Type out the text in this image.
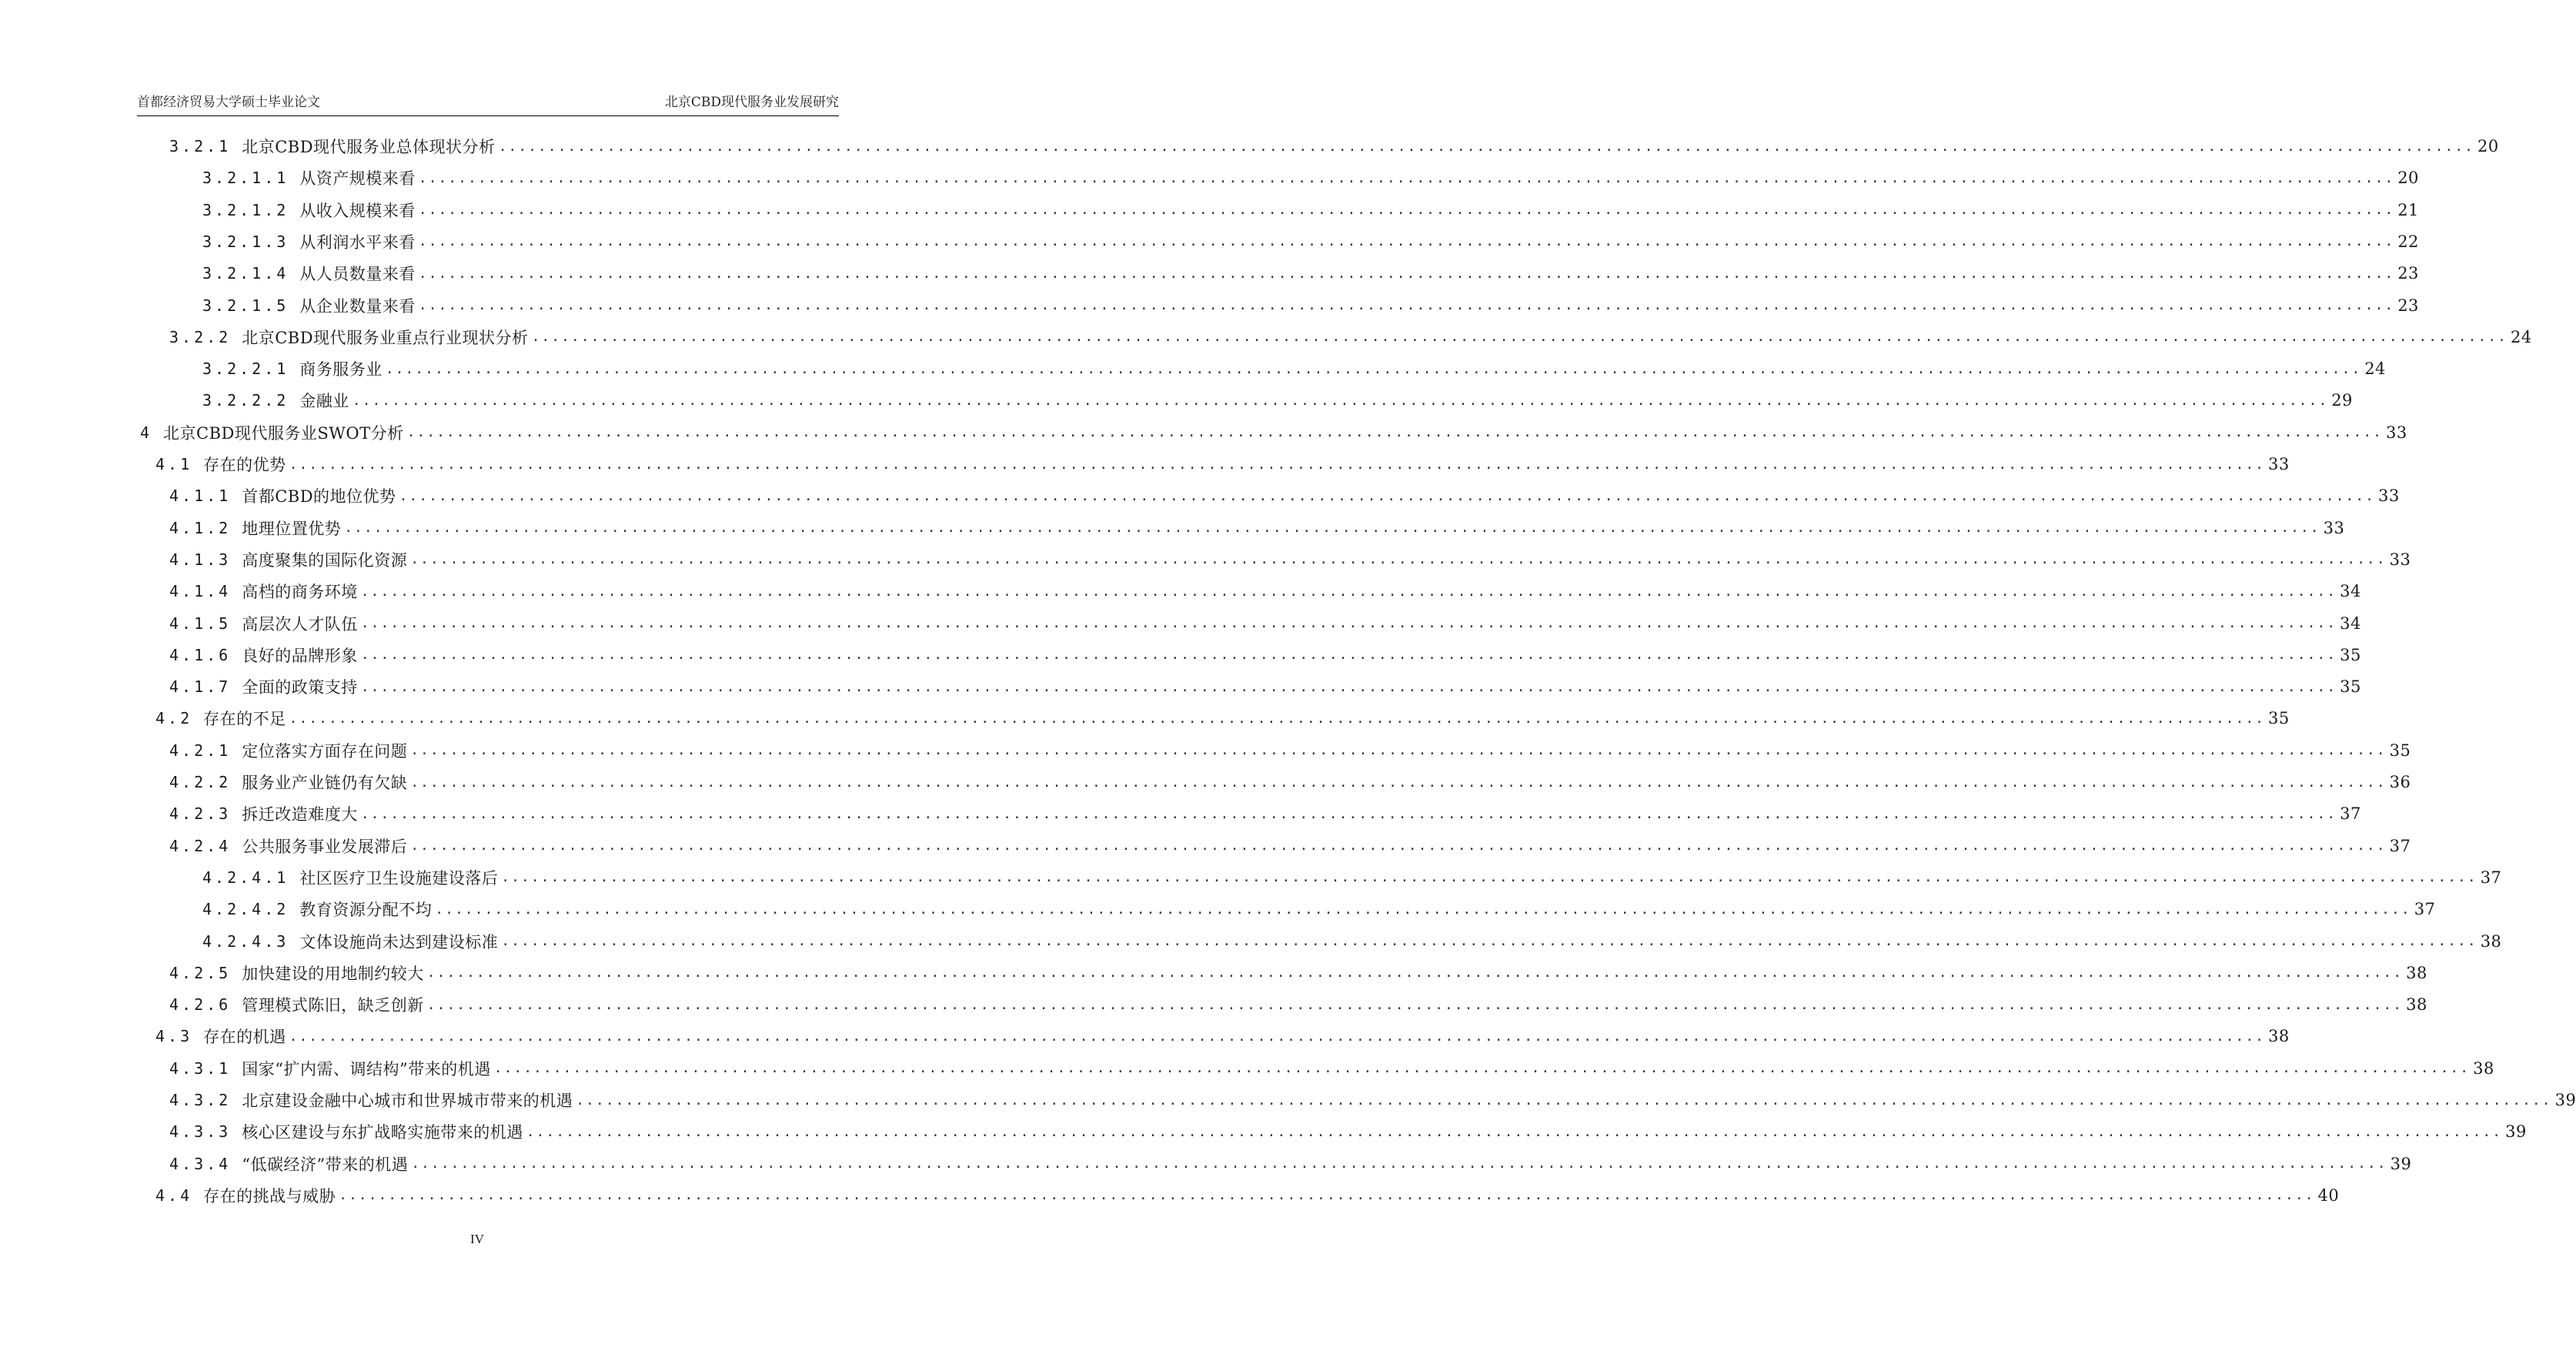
首都经济贸易大学硕士毕业论文	北京CBD现代服务业发展研究
3.2.1 北京CBD现代服务业总体现状分析 ........................................................................................................................................................................................................ 20
3.2.1.1 从资产规模来看 ........................................................................................................................................................................................................ 20
3.2.1.2 从收入规模来看 ........................................................................................................................................................................................................ 21
3.2.1.3 从利润水平来看 ........................................................................................................................................................................................................ 22
3.2.1.4 从人员数量来看 ........................................................................................................................................................................................................ 23
3.2.1.5 从企业数量来看 ........................................................................................................................................................................................................ 23
3.2.2 北京CBD现代服务业重点行业现状分析 ........................................................................................................................................................................................................ 24
3.2.2.1 商务服务业 ........................................................................................................................................................................................................ 24
3.2.2.2 金融业 ........................................................................................................................................................................................................ 29
4 北京CBD现代服务业SWOT分析 ........................................................................................................................................................................................................ 33
4.1 存在的优势 ........................................................................................................................................................................................................ 33
4.1.1 首都CBD的地位优势 ........................................................................................................................................................................................................ 33
4.1.2 地理位置优势 ........................................................................................................................................................................................................ 33
4.1.3 高度聚集的国际化资源 ........................................................................................................................................................................................................ 33
4.1.4 高档的商务环境 ........................................................................................................................................................................................................ 34
4.1.5 高层次人才队伍 ........................................................................................................................................................................................................ 34
4.1.6 良好的品牌形象 ........................................................................................................................................................................................................ 35
4.1.7 全面的政策支持 ........................................................................................................................................................................................................ 35
4.2 存在的不足 ........................................................................................................................................................................................................ 35
4.2.1 定位落实方面存在问题 ........................................................................................................................................................................................................ 35
4.2.2 服务业产业链仍有欠缺 ........................................................................................................................................................................................................ 36
4.2.3 拆迁改造难度大 ........................................................................................................................................................................................................ 37
4.2.4 公共服务事业发展滞后 ........................................................................................................................................................................................................ 37
4.2.4.1 社区医疗卫生设施建设落后 ........................................................................................................................................................................................................ 37
4.2.4.2 教育资源分配不均 ........................................................................................................................................................................................................ 37
4.2.4.3 文体设施尚未达到建设标准 ........................................................................................................................................................................................................ 38
4.2.5 加快建设的用地制约较大 ........................................................................................................................................................................................................ 38
4.2.6 管理模式陈旧，缺乏创新 ........................................................................................................................................................................................................ 38
4.3 存在的机遇 ........................................................................................................................................................................................................ 38
4.3.1 国家“扩内需、调结构”带来的机遇 ........................................................................................................................................................................................................ 38
4.3.2 北京建设金融中心城市和世界城市带来的机遇 ........................................................................................................................................................................................................ 39
4.3.3 核心区建设与东扩战略实施带来的机遇 ........................................................................................................................................................................................................ 39
4.3.4 “低碳经济”带来的机遇 ........................................................................................................................................................................................................ 39
4.4 存在的挑战与威胁 ........................................................................................................................................................................................................ 40
IV
